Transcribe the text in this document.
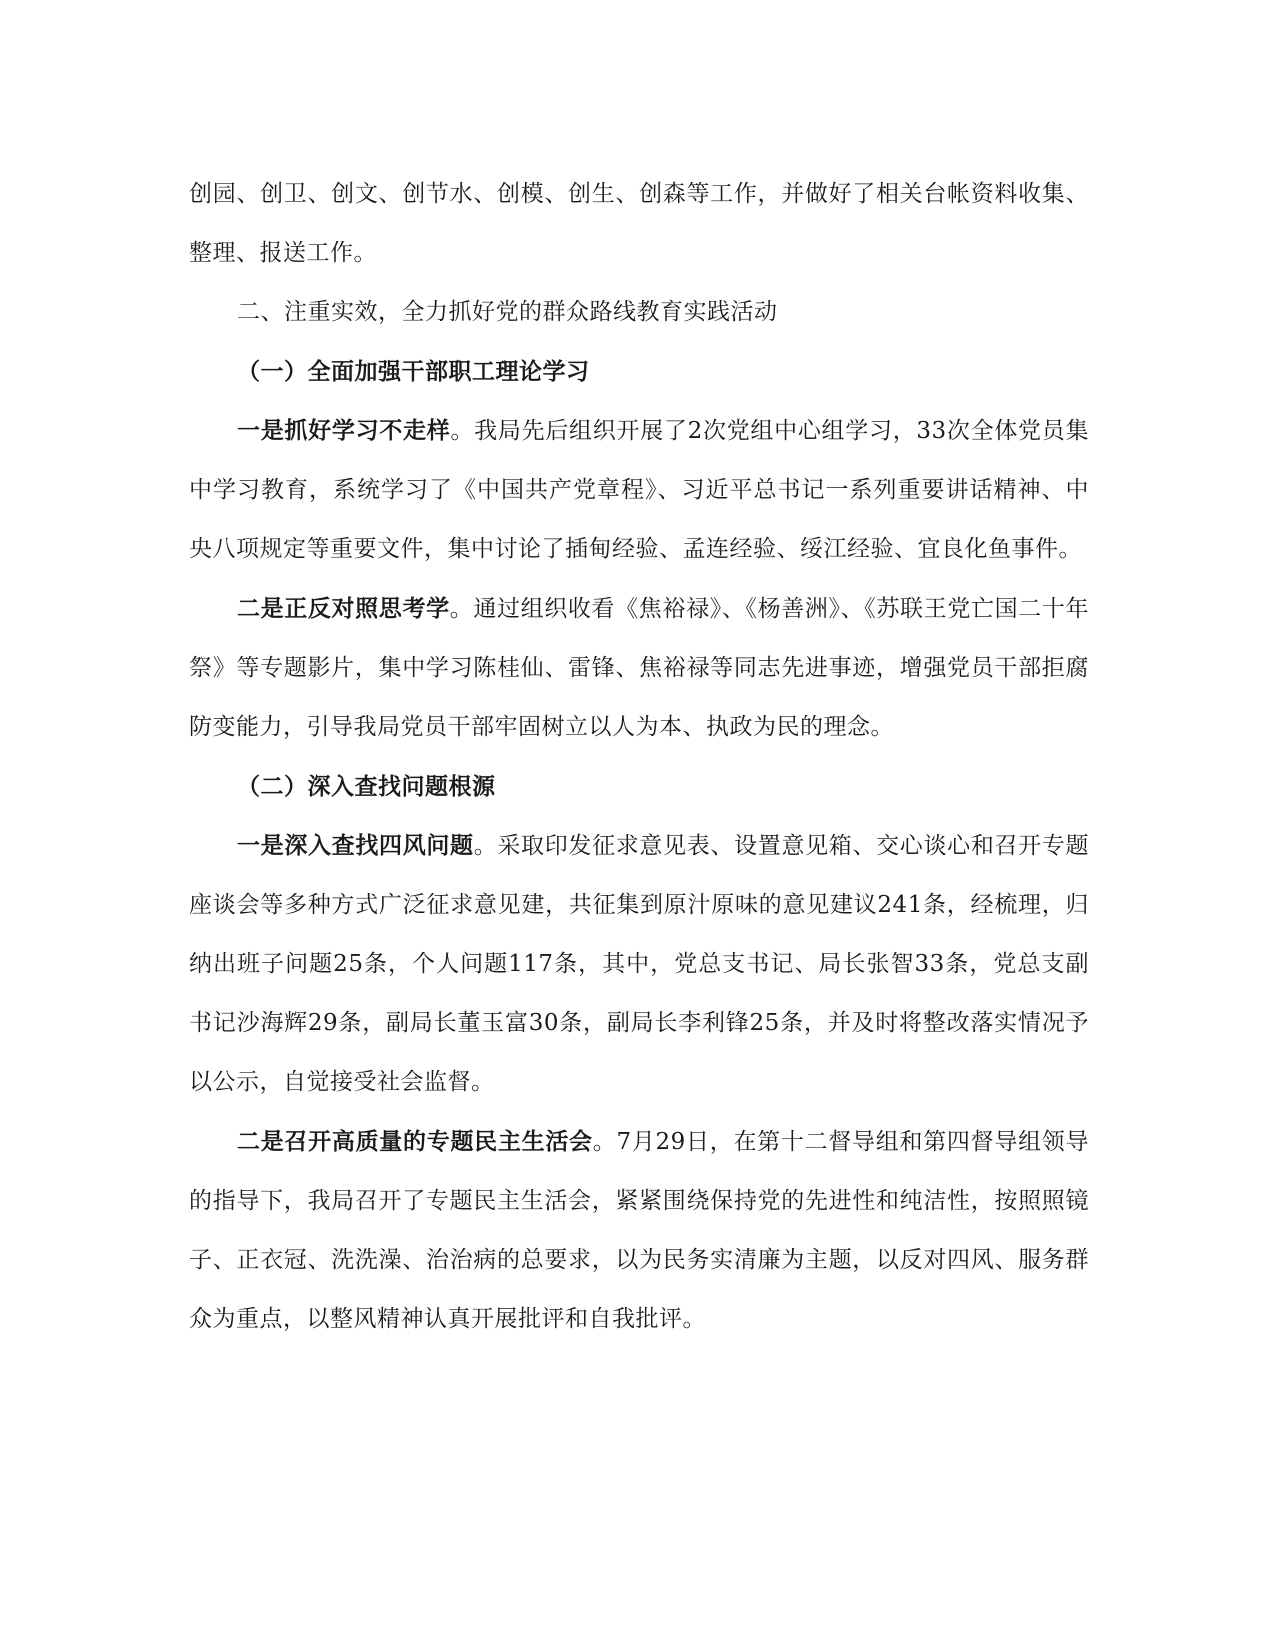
创园、创卫、创文、创节水、创模、创生、创森等工作，并做好了相关台帐资料收集、整理、报送工作。

二、注重实效，全力抓好党的群众路线教育实践活动

（一）全面加强干部职工理论学习

一是抓好学习不走样。我局先后组织开展了2次党组中心组学习，33次全体党员集中学习教育，系统学习了《中国共产党章程》、习近平总书记一系列重要讲话精神、中央八项规定等重要文件，集中讨论了插甸经验、孟连经验、绥江经验、宜良化鱼事件。

二是正反对照思考学。通过组织收看《焦裕禄》、《杨善洲》、《苏联王党亡国二十年祭》等专题影片，集中学习陈桂仙、雷锋、焦裕禄等同志先进事迹，增强党员干部拒腐防变能力，引导我局党员干部牢固树立以人为本、执政为民的理念。

（二）深入查找问题根源

一是深入查找四风问题。采取印发征求意见表、设置意见箱、交心谈心和召开专题座谈会等多种方式广泛征求意见建，共征集到原汁原味的意见建议241条，经梳理，归纳出班子问题25条，个人问题117条，其中，党总支书记、局长张智33条，党总支副书记沙海辉29条，副局长董玉富30条，副局长李利锋25条，并及时将整改落实情况予以公示，自觉接受社会监督。

二是召开高质量的专题民主生活会。7月29日，在第十二督导组和第四督导组领导的指导下，我局召开了专题民主生活会，紧紧围绕保持党的先进性和纯洁性，按照照镜子、正衣冠、洗洗澡、治治病的总要求，以为民务实清廉为主题，以反对四风、服务群众为重点，以整风精神认真开展批评和自我批评。
